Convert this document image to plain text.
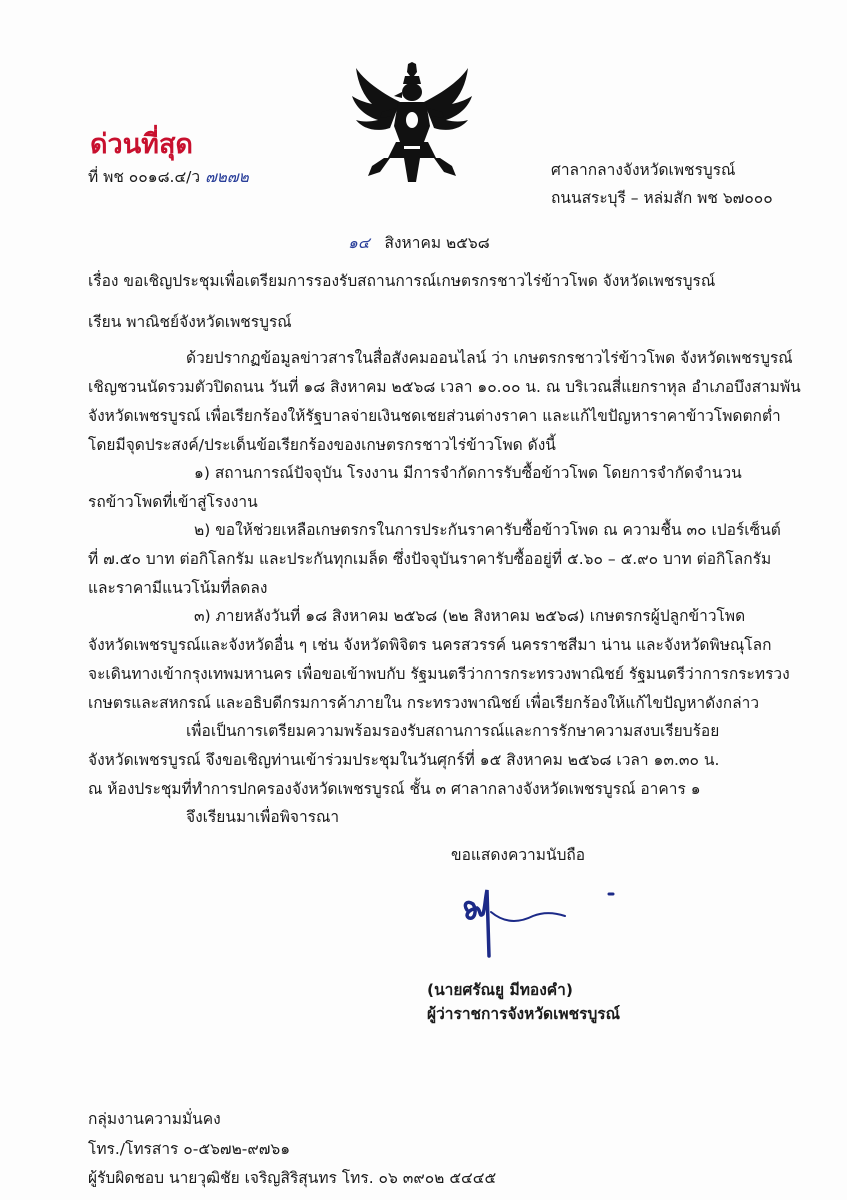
ด่วนที่สุด
ที่ พช ๐๐๑๘.๔/ว ๗๒๗๒	ศาลากลางจังหวัดเพชรบูรณ์
ถนนสระบุรี – หล่มสัก พช ๖๗๐๐๐
๑๔ สิงหาคม ๒๕๖๘
เรื่อง ขอเชิญประชุมเพื่อเตรียมการรองรับสถานการณ์เกษตรกรชาวไร่ข้าวโพด จังหวัดเพชรบูรณ์
เรียน พาณิชย์จังหวัดเพชรบูรณ์
ด้วยปรากฏข้อมูลข่าวสารในสื่อสังคมออนไลน์ ว่า เกษตรกรชาวไร่ข้าวโพด จังหวัดเพชรบูรณ์
เชิญชวนนัดรวมตัวปิดถนน วันที่ ๑๘ สิงหาคม ๒๕๖๘ เวลา ๑๐.๐๐ น. ณ บริเวณสี่แยกราหุล อำเภอบึงสามพัน
จังหวัดเพชรบูรณ์ เพื่อเรียกร้องให้รัฐบาลจ่ายเงินชดเชยส่วนต่างราคา และแก้ไขปัญหาราคาข้าวโพดตกต่ำ
โดยมีจุดประสงค์/ประเด็นข้อเรียกร้องของเกษตรกรชาวไร่ข้าวโพด ดังนี้
๑) สถานการณ์ปัจจุบัน โรงงาน มีการจำกัดการรับซื้อข้าวโพด โดยการจำกัดจำนวน
รถข้าวโพดที่เข้าสู่โรงงาน
๒) ขอให้ช่วยเหลือเกษตรกรในการประกันราคารับซื้อข้าวโพด ณ ความชื้น ๓๐ เปอร์เซ็นต์
ที่ ๗.๕๐ บาท ต่อกิโลกรัม และประกันทุกเมล็ด ซึ่งปัจจุบันราคารับซื้ออยู่ที่ ๕.๖๐ – ๕.๙๐ บาท ต่อกิโลกรัม
และราคามีแนวโน้มที่ลดลง
๓) ภายหลังวันที่ ๑๘ สิงหาคม ๒๕๖๘ (๒๒ สิงหาคม ๒๕๖๘) เกษตรกรผู้ปลูกข้าวโพด
จังหวัดเพชรบูรณ์และจังหวัดอื่น ๆ เช่น จังหวัดพิจิตร นครสวรรค์ นครราชสีมา น่าน และจังหวัดพิษณุโลก
จะเดินทางเข้ากรุงเทพมหานคร เพื่อขอเข้าพบกับ รัฐมนตรีว่าการกระทรวงพาณิชย์ รัฐมนตรีว่าการกระทรวง
เกษตรและสหกรณ์ และอธิบดีกรมการค้าภายใน กระทรวงพาณิชย์ เพื่อเรียกร้องให้แก้ไขปัญหาดังกล่าว
เพื่อเป็นการเตรียมความพร้อมรองรับสถานการณ์และการรักษาความสงบเรียบร้อย
จังหวัดเพชรบูรณ์ จึงขอเชิญท่านเข้าร่วมประชุมในวันศุกร์ที่ ๑๕ สิงหาคม ๒๕๖๘ เวลา ๑๓.๓๐ น.
ณ ห้องประชุมที่ทำการปกครองจังหวัดเพชรบูรณ์ ชั้น ๓ ศาลากลางจังหวัดเพชรบูรณ์ อาคาร ๑
จึงเรียนมาเพื่อพิจารณา
ขอแสดงความนับถือ
(นายศรัณยู มีทองคำ)
ผู้ว่าราชการจังหวัดเพชรบูรณ์
กลุ่มงานความมั่นคง
โทร./โทรสาร ๐-๕๖๗๒-๙๗๖๑
ผู้รับผิดชอบ นายวุฒิชัย เจริญสิริสุนทร โทร. ๐๖ ๓๙๐๒ ๕๔๔๕
